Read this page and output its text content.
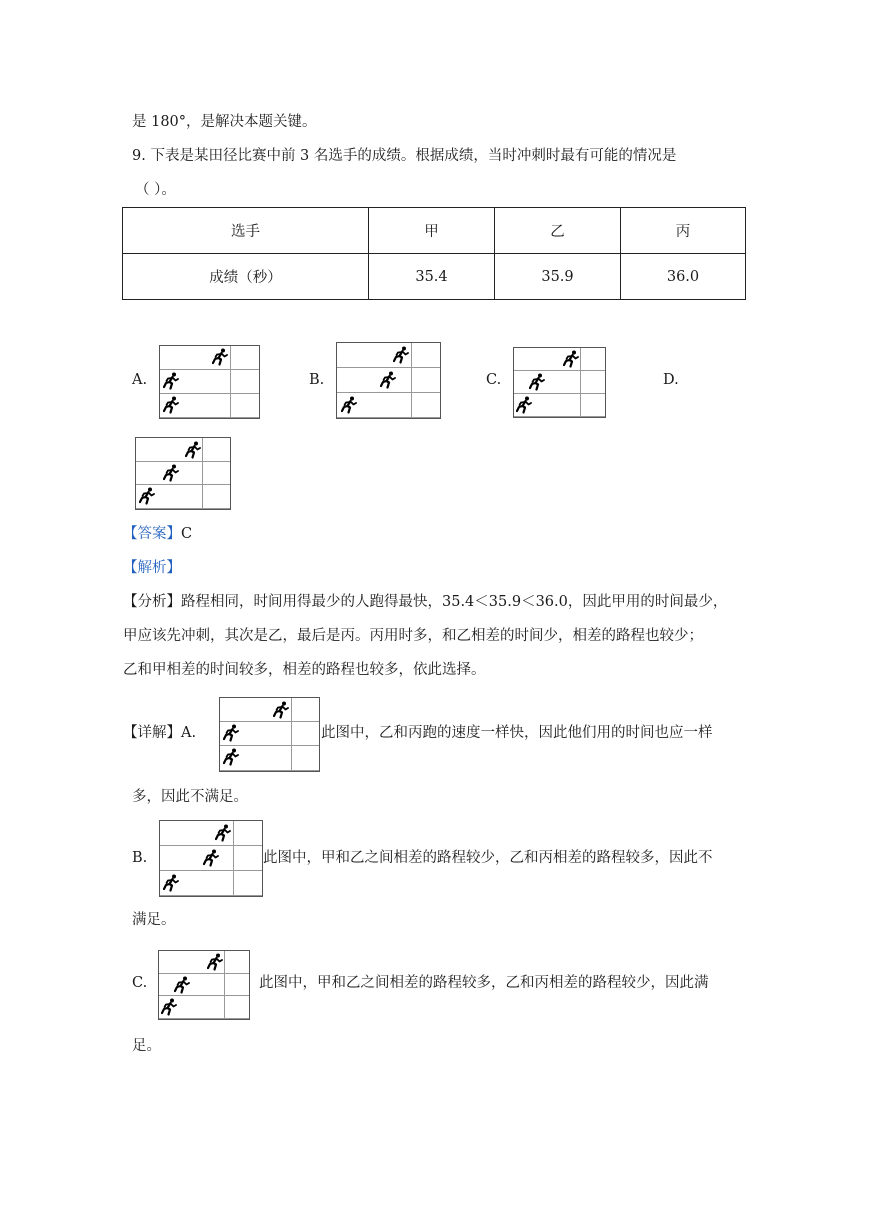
是 180°，是解决本题关键。
9. 下表是某田径比赛中前 3 名选手的成绩。根据成绩，当时冲刺时最有可能的情况是
（ ）。
选手	甲	乙	丙
成绩（秒）	35.4	35.9	36.0
A.	B.	C.	D.
【答案】C
【解析】
【分析】路程相同，时间用得最少的人跑得最快，35.4＜35.9＜36.0，因此甲用的时间最少，
甲应该先冲刺，其次是乙，最后是丙。丙用时多，和乙相差的时间少，相差的路程也较少；
乙和甲相差的时间较多，相差的路程也较多，依此选择。
【详解】A.	此图中，乙和丙跑的速度一样快，因此他们用的时间也应一样
多，因此不满足。
B.	此图中，甲和乙之间相差的路程较少，乙和丙相差的路程较多，因此不
满足。
C.	此图中，甲和乙之间相差的路程较多，乙和丙相差的路程较少，因此满
足。
